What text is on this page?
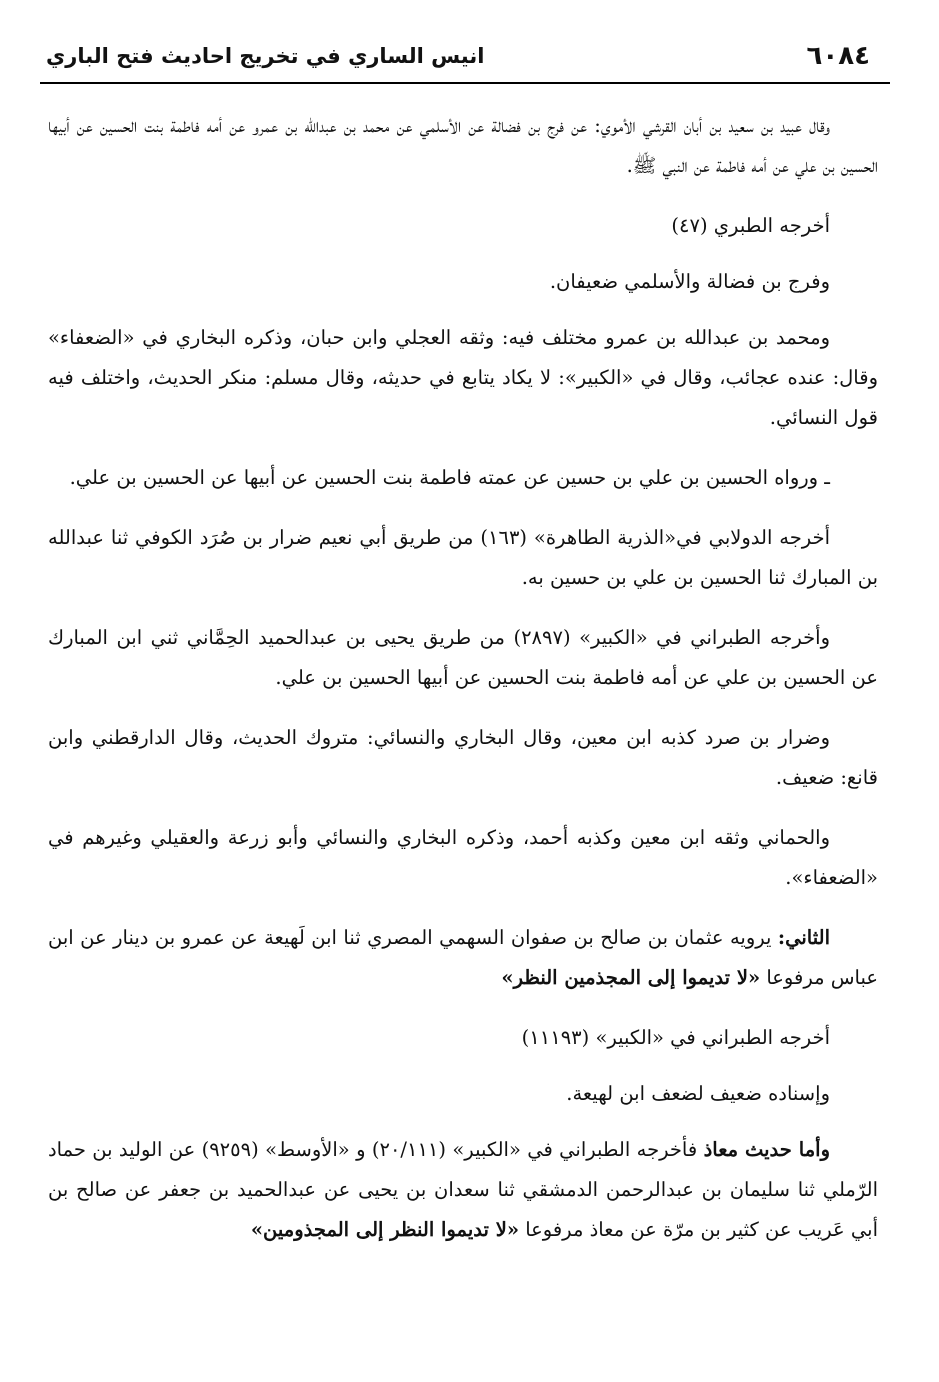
٦٠٨٤
انيس الساري في تخريج احاديث فتح الباري

وقال عبيد بن سعيد بن أبان القرشي الأموي: عن فرج بن فضالة عن الأسلمي عن محمد بن عبدالله بن عمرو عن أمه فاطمة بنت الحسين عن أبيها الحسين بن علي عن أمه فاطمة عن النبي ﷺ.

أخرجه الطبري (٤٧)

وفرج بن فضالة والأسلمي ضعيفان.

ومحمد بن عبدالله بن عمرو مختلف فيه: وثقه العجلي وابن حبان، وذكره البخاري في «الضعفاء» وقال: عنده عجائب، وقال في «الكبير»: لا يكاد يتابع في حديثه، وقال مسلم: منكر الحديث، واختلف فيه قول النسائي.

ـ ورواه الحسين بن علي بن حسين عن عمته فاطمة بنت الحسين عن أبيها عن الحسين بن علي.

أخرجه الدولابي في«الذرية الطاهرة» (١٦٣) من طريق أبي نعيم ضرار بن صُرَد الكوفي ثنا عبدالله بن المبارك ثنا الحسين بن علي بن حسين به.

وأخرجه الطبراني في «الكبير» (٢٨٩٧) من طريق يحيى بن عبدالحميد الحِمَّاني ثني ابن المبارك عن الحسين بن علي عن أمه فاطمة بنت الحسين عن أبيها الحسين بن علي.

وضرار بن صرد كذبه ابن معين، وقال البخاري والنسائي: متروك الحديث، وقال الدارقطني وابن قانع: ضعيف.

والحماني وثقه ابن معين وكذبه أحمد، وذكره البخاري والنسائي وأبو زرعة والعقيلي وغيرهم في «الضعفاء».

الثاني: يرويه عثمان بن صالح بن صفوان السهمي المصري ثنا ابن لَهيعة عن عمرو بن دينار عن ابن عباس مرفوعا «لا تديموا إلى المجذمين النظر»

أخرجه الطبراني في «الكبير» (١١١٩٣)

وإسناده ضعيف لضعف ابن لهيعة.

وأما حديث معاذ فأخرجه الطبراني في «الكبير» (٢٠/١١١) و «الأوسط» (٩٢٥٩) عن الوليد بن حماد الرّملي ثنا سليمان بن عبدالرحمن الدمشقي ثنا سعدان بن يحيى عن عبدالحميد بن جعفر عن صالح بن أبي عَريب عن كثير بن مرّة عن معاذ مرفوعا «لا تديموا النظر إلى المجذومين»
